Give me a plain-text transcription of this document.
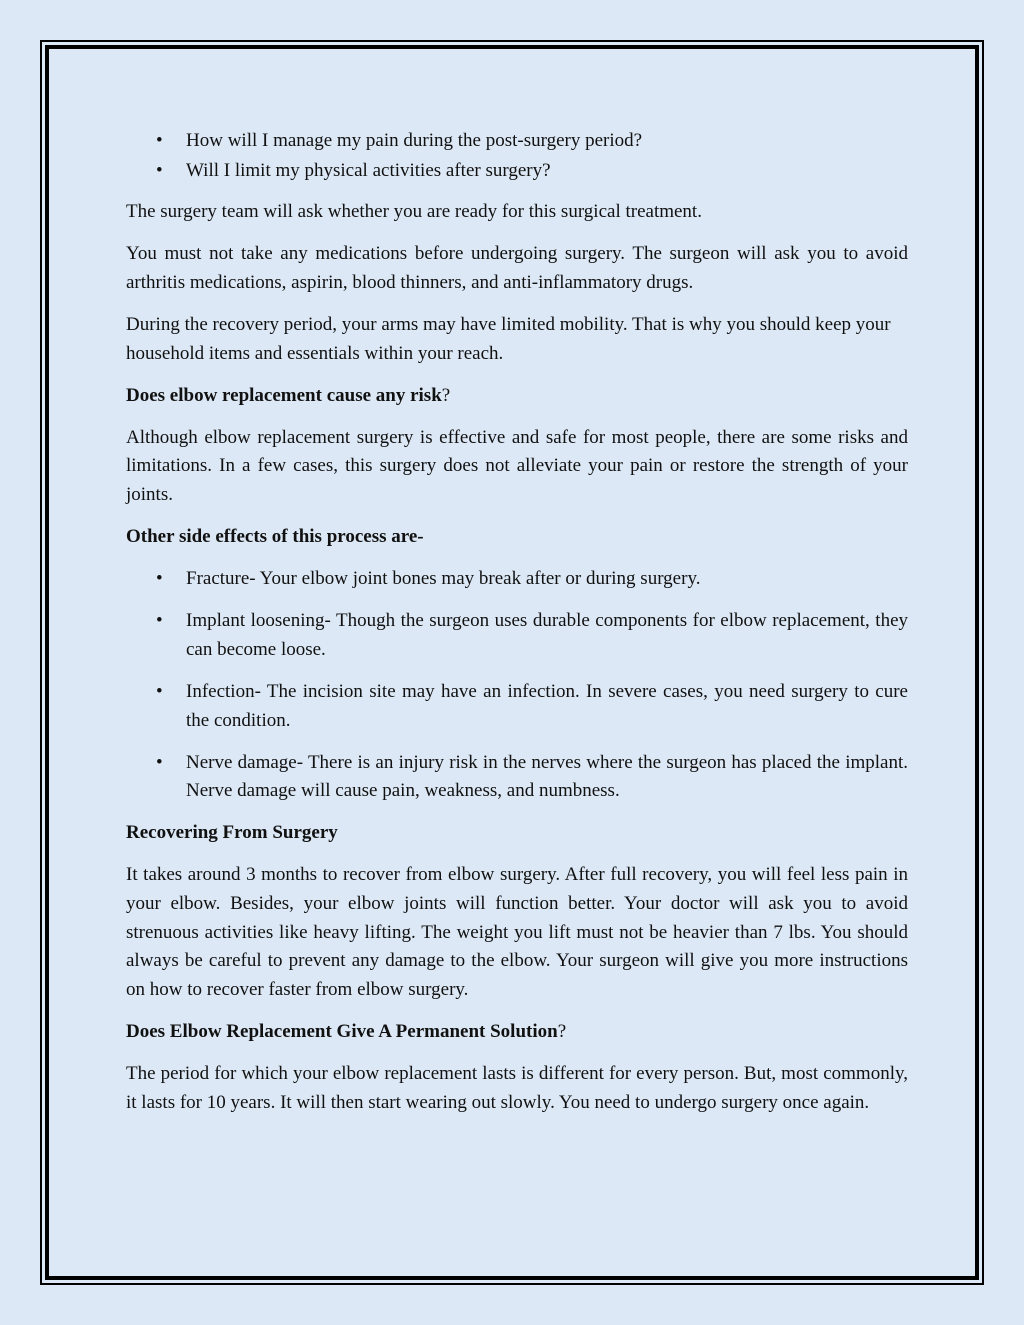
• How will I manage my pain during the post-surgery period?
• Will I limit my physical activities after surgery?

The surgery team will ask whether you are ready for this surgical treatment.

You must not take any medications before undergoing surgery. The surgeon will ask you to avoid arthritis medications, aspirin, blood thinners, and anti-inflammatory drugs.

During the recovery period, your arms may have limited mobility. That is why you should keep your household items and essentials within your reach.

Does elbow replacement cause any risk?

Although elbow replacement surgery is effective and safe for most people, there are some risks and limitations. In a few cases, this surgery does not alleviate your pain or restore the strength of your joints.

Other side effects of this process are-
• Fracture- Your elbow joint bones may break after or during surgery.
• Implant loosening- Though the surgeon uses durable components for elbow replacement, they can become loose.
• Infection- The incision site may have an infection. In severe cases, you need surgery to cure the condition.
• Nerve damage- There is an injury risk in the nerves where the surgeon has placed the implant. Nerve damage will cause pain, weakness, and numbness.
Recovering From Surgery

It takes around 3 months to recover from elbow surgery. After full recovery, you will feel less pain in your elbow. Besides, your elbow joints will function better. Your doctor will ask you to avoid strenuous activities like heavy lifting. The weight you lift must not be heavier than 7 lbs. You should always be careful to prevent any damage to the elbow. Your surgeon will give you more instructions on how to recover faster from elbow surgery.

Does Elbow Replacement Give A Permanent Solution?

The period for which your elbow replacement lasts is different for every person. But, most commonly, it lasts for 10 years. It will then start wearing out slowly. You need to undergo surgery once again.
